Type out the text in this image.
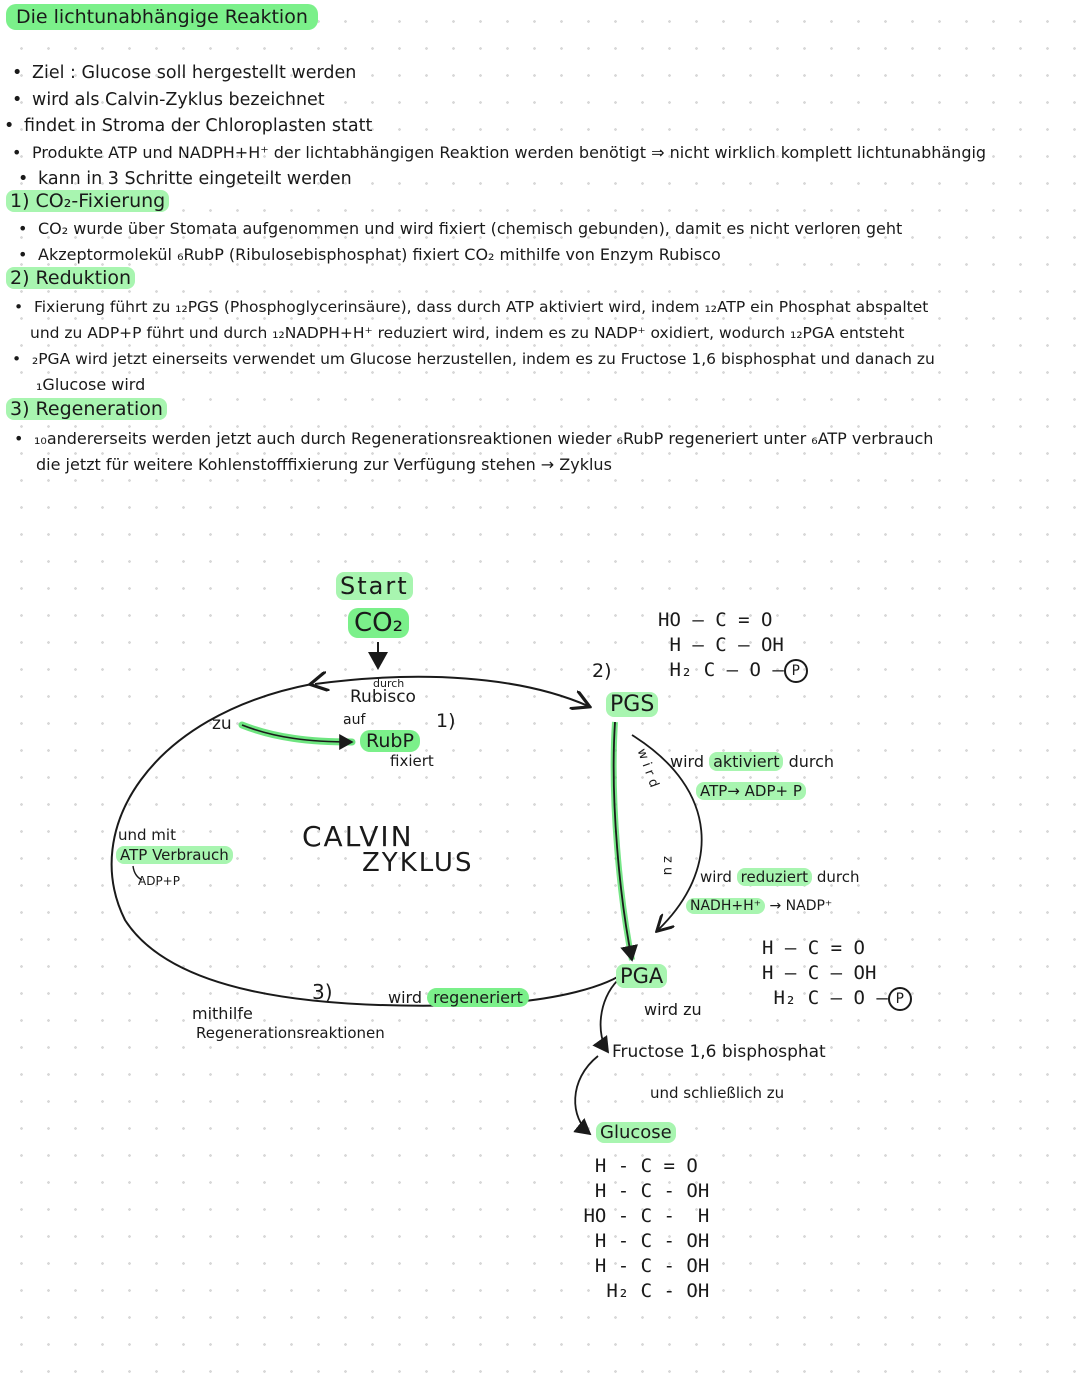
Die lichtunabhängige Reaktion
• Ziel : Glucose soll hergestellt werden
• wird als Calvin-Zyklus bezeichnet
• findet in Stroma der Chloroplasten statt
• Produkte ATP und NADPH+H⁺ der lichtabhängigen Reaktion werden benötigt ⇒ nicht wirklich komplett lichtunabhängig
• kann in 3 Schritte eingeteilt werden
1) CO₂-Fixierung
• CO₂ wurde über Stomata aufgenommen und wird fixiert (chemisch gebunden), damit es nicht verloren geht
• Akzeptormolekül ₆RubP (Ribulosebisphosphat) fixiert CO₂ mithilfe von Enzym Rubisco
2) Reduktion
• Fixierung führt zu ₁₂PGS (Phosphoglycerinsäure), dass durch ATP aktiviert wird, indem ₁₂ATP ein Phosphat abspaltet
und zu ADP+P führt und durch ₁₂NADPH+H⁺ reduziert wird, indem es zu NADP⁺ oxidiert, wodurch ₁₂PGA entsteht
• ₂PGA wird jetzt einerseits verwendet um Glucose herzustellen, indem es zu Fructose 1,6 bisphosphat und danach zu
₁Glucose wird
3) Regeneration
• ₁₀andererseits werden jetzt auch durch Regenerationsreaktionen wieder ₆RubP regeneriert unter ₆ATP verbrauch
die jetzt für weitere Kohlenstofffixierung zur Verfügung stehen → Zyklus
Start
CO₂
durch
Rubisco
auf
RubP
fixiert
zu	1)
2)
3)
CALVIN
ZYKLUS
und mit
ATP Verbrauch
ADP+P
PGS
w i r d
z u
wird aktiviert durch
ATP→ ADP+ P
wird reduziert durch
NADH+H⁺ → NADP⁺
PGA
wird zu
Fructose 1,6 bisphosphat
und schließlich zu
Glucose
wird regeneriert
mithilfe
Regenerationsreaktionen
HO — C = O
H — C — OH
H₂ C — O — P
H — C = O
H — C — OH
H₂ C — O — P
H - C = O
H - C - OH
HO - C -  H
H - C - OH
H - C - OH
H₂ C - OH
